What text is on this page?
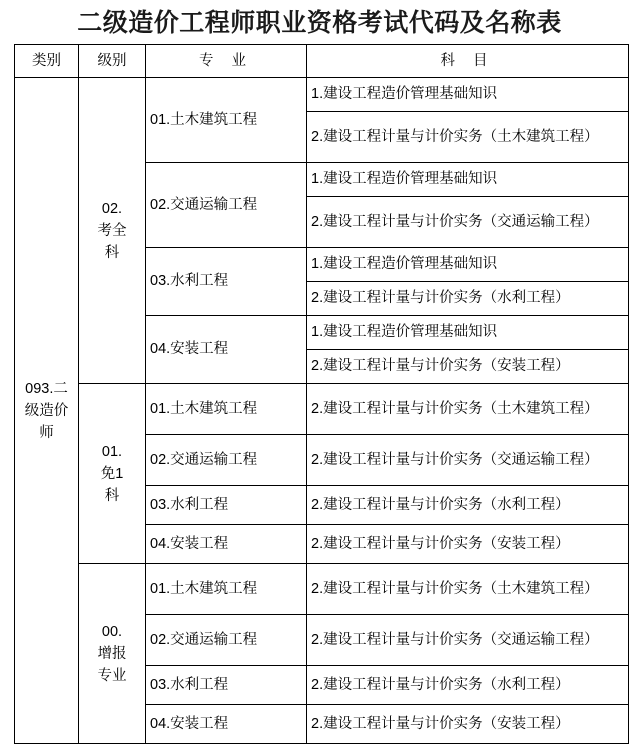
二级造价工程师职业资格考试代码及名称表
类别	级别	专 业	科 目

093.二级造价师	02.考全科	01.土木建筑工程	1.建设工程造价管理基础知识
			2.建设工程计量与计价实务（土木建筑工程）
		02.交通运输工程	1.建设工程造价管理基础知识
			2.建设工程计量与计价实务（交通运输工程）
		03.水利工程	1.建设工程造价管理基础知识
			2.建设工程计量与计价实务（水利工程）
		04.安装工程	1.建设工程造价管理基础知识
			2.建设工程计量与计价实务（安装工程）

	01.免1科	01.土木建筑工程	2.建设工程计量与计价实务（土木建筑工程）
		02.交通运输工程	2.建设工程计量与计价实务（交通运输工程）
		03.水利工程	2.建设工程计量与计价实务（水利工程）
		04.安装工程	2.建设工程计量与计价实务（安装工程）

	00.增报专业	01.土木建筑工程	2.建设工程计量与计价实务（土木建筑工程）
		02.交通运输工程	2.建设工程计量与计价实务（交通运输工程）
		03.水利工程	2.建设工程计量与计价实务（水利工程）
		04.安装工程	2.建设工程计量与计价实务（安装工程）
